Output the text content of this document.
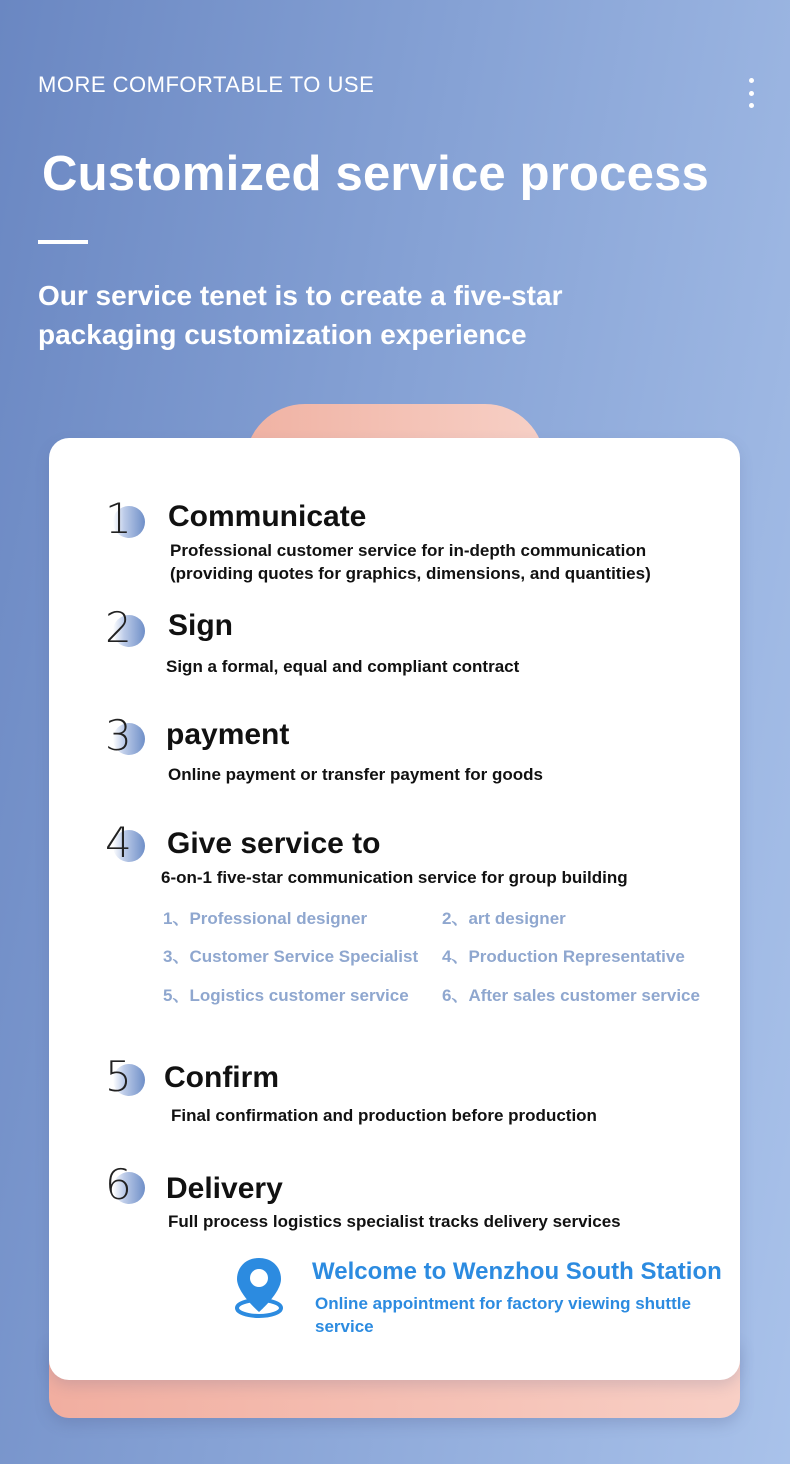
MORE COMFORTABLE TO USE
Customized service process
Our service tenet is to create a five-star packaging customization experience
1 Communicate
Professional customer service for in-depth communication
(providing quotes for graphics, dimensions, and quantities)
2 Sign
Sign a formal, equal and compliant contract
3 payment
Online payment or transfer payment for goods
4 Give service to
6-on-1 five-star communication service for group building
1、Professional designer	2、art designer
3、Customer Service Specialist 4、Production Representative
5、Logistics customer service 6、After sales customer service
5 Confirm
Final confirmation and production before production
6 Delivery
Full process logistics specialist tracks delivery services
Welcome to Wenzhou South Station
Online appointment for factory viewing shuttle service
